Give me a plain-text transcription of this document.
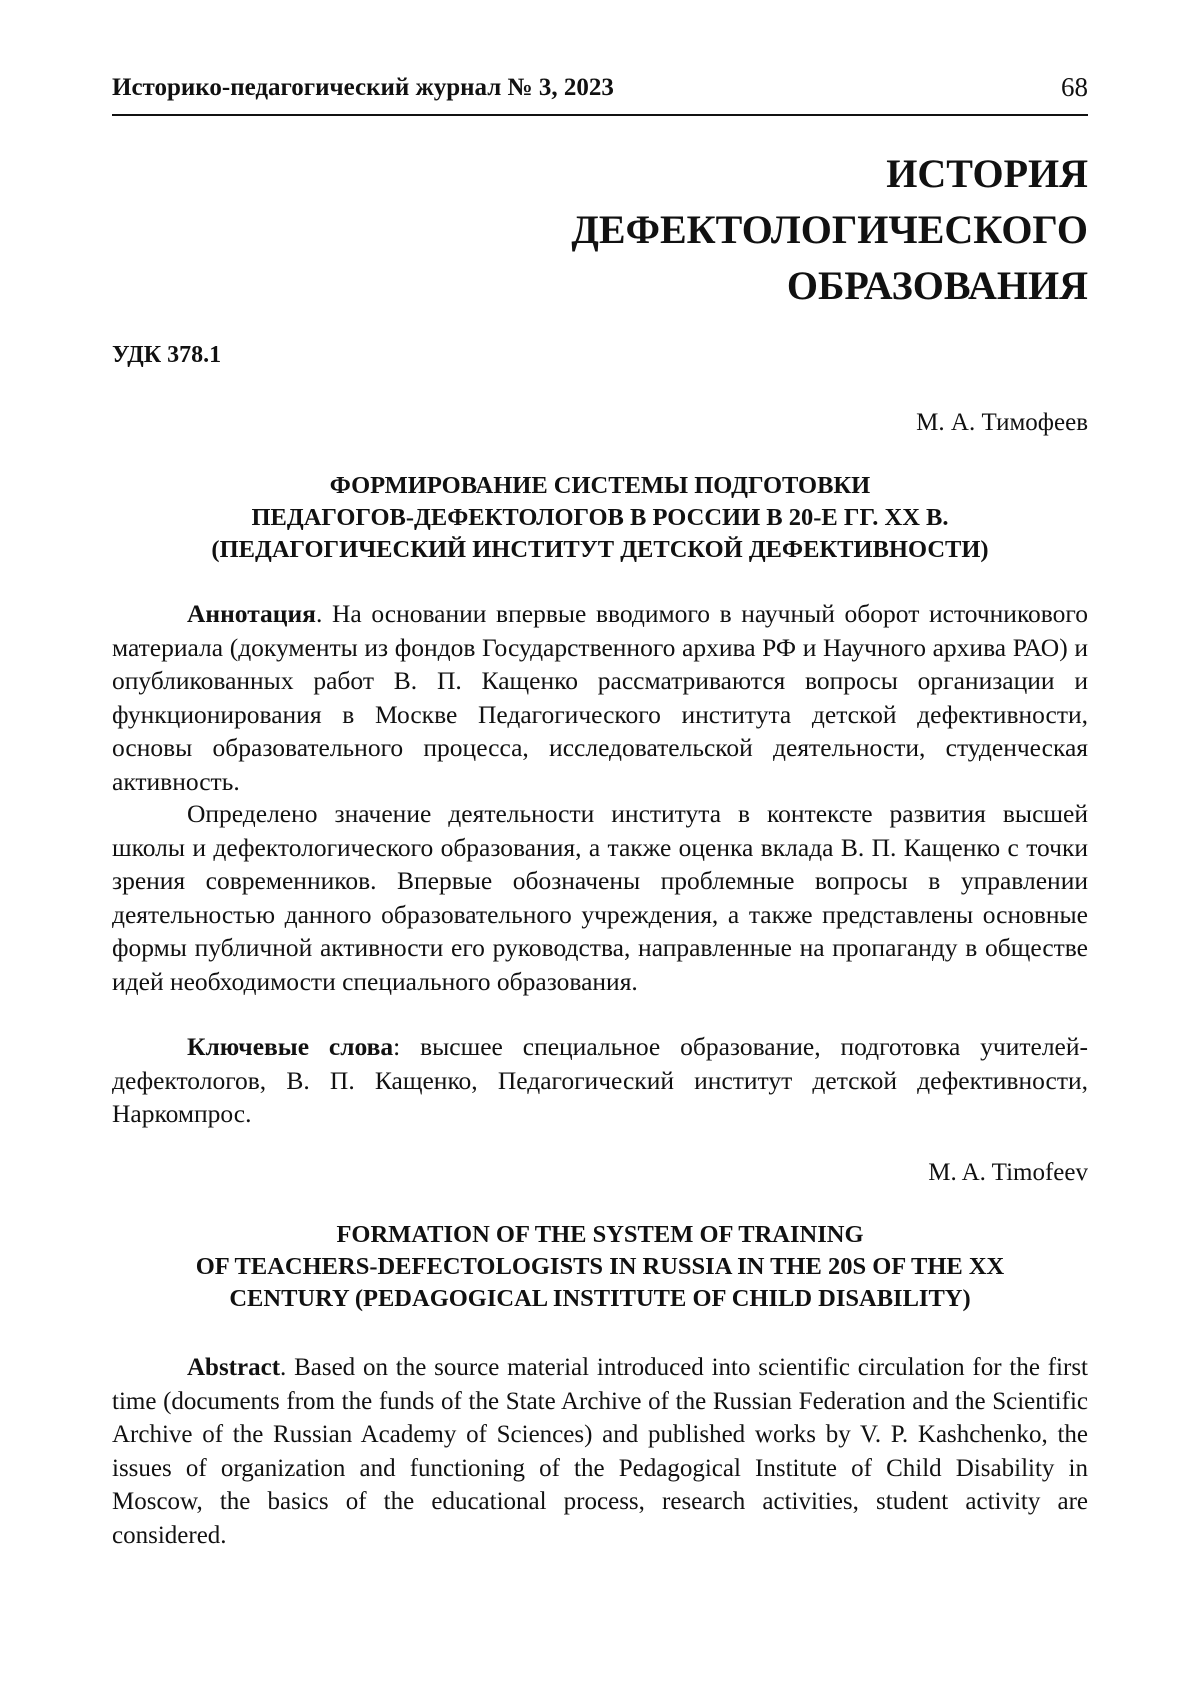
Историко-педагогический журнал № 3, 2023	68
ИСТОРИЯ
ДЕФЕКТОЛОГИЧЕСКОГО
ОБРАЗОВАНИЯ
УДК 378.1
М. А. Тимофеев
ФОРМИРОВАНИЕ СИСТЕМЫ ПОДГОТОВКИ
ПЕДАГОГОВ-ДЕФЕКТОЛОГОВ В РОССИИ В 20-Е ГГ. XX В.
(ПЕДАГОГИЧЕСКИЙ ИНСТИТУТ ДЕТСКОЙ ДЕФЕКТИВНОСТИ)

Аннотация. На основании впервые вводимого в научный оборот источникового материала (документы из фондов Государственного архива РФ и Научного архива РАО) и опубликованных работ В. П. Кащенко рассматриваются вопросы организации и функционирования в Москве Педагогического института детской дефективности, основы образовательного процесса, исследовательской деятельности, студенческая активность.

Определено значение деятельности института в контексте развития высшей школы и дефектологического образования, а также оценка вклада В. П. Кащенко с точки зрения современников. Впервые обозначены проблемные вопросы в управлении деятельностью данного образовательного учреждения, а также представлены основные формы публичной активности его руководства, направленные на пропаганду в обществе идей необходимости специального образования.

Ключевые слова: высшее специальное образование, подготовка учителей-дефектологов, В. П. Кащенко, Педагогический институт детской дефективности, Наркомпрос.

M. A. Timofeev
FORMATION OF THE SYSTEM OF TRAINING
OF TEACHERS-DEFECTOLOGISTS IN RUSSIA IN THE 20S OF THE XX
CENTURY (PEDAGOGICAL INSTITUTE OF CHILD DISABILITY)

Abstract. Based on the source material introduced into scientific circulation for the first time (documents from the funds of the State Archive of the Russian Federation and the Scientific Archive of the Russian Academy of Sciences) and published works by V. P. Kashchenko, the issues of organization and functioning of the Pedagogical Institute of Child Disability in Moscow, the basics of the educational process, research activities, student activity are considered.
